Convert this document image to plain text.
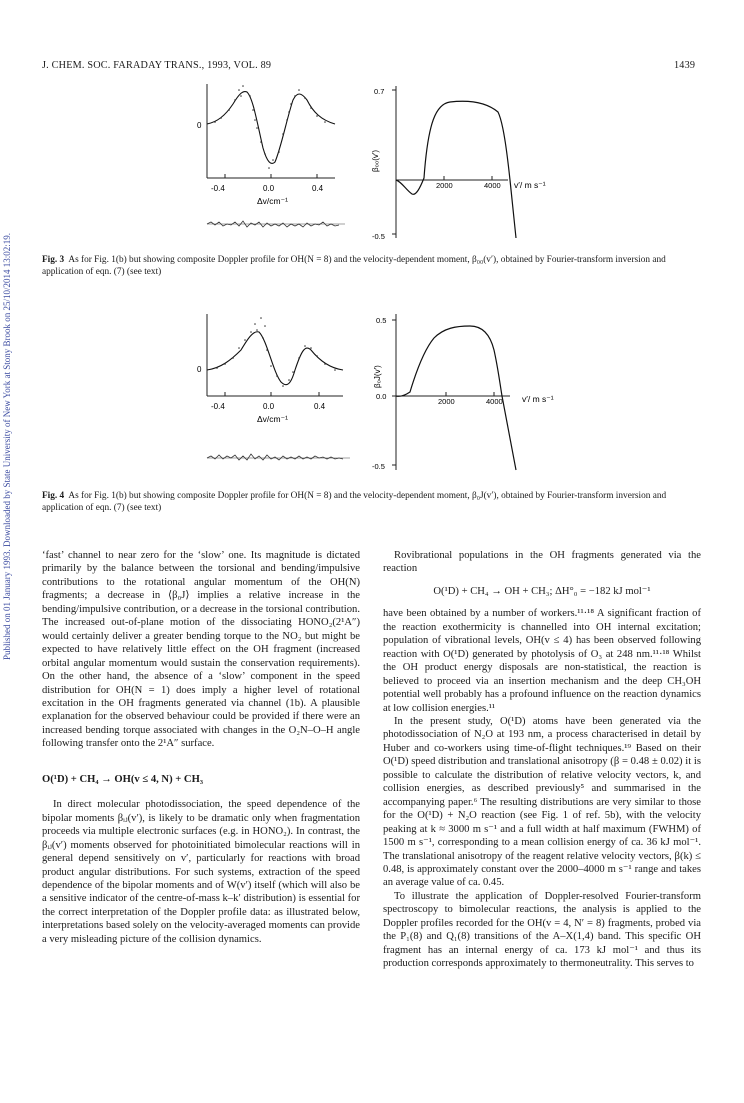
J. CHEM. SOC. FARADAY TRANS., 1993, VOL. 89	1439
Published on 01 January 1993. Downloaded by State University of New York at Stony Brook on 25/10/2014 13:02:19.
0
-0.4	0.0	0.4
Δv/cm⁻¹
0.7
-0.5
2000	4000 v′/ m s⁻¹
β₀₀(v′)
Fig. 3 As for Fig. 1(b) but showing composite Doppler profile for OH(N = 8) and the velocity-dependent moment, β₀₀(v′), obtained by Fourier-transform inversion and application of eqn. (7) (see text)
0
-0.4	0.0	0.4
Δv/cm⁻¹
0.5
0.0
-0.5
2000	4000 v′/ m s⁻¹
β₀J(v′)
Fig. 4 As for Fig. 1(b) but showing composite Doppler profile for OH(N = 8) and the velocity-dependent moment, β₀J(v′), obtained by Fourier-transform inversion and application of eqn. (7) (see text)

‘fast’ channel to near zero for the ‘slow’ one. Its magnitude is dictated primarily by the balance between the torsional and bending/impulsive contributions to the rotational angular momentum of the OH(N) fragments; a decrease in ⟨β₀J⟩ implies a relative increase in the bending/impulsive contribution, or a decrease in the torsional contribution. The increased out-of-plane motion of the dissociating HONO₂(2¹A″) would certainly deliver a greater bending torque to the NO₂ but might be expected to have relatively little effect on the OH fragment (increased orbital angular momentum would sustain the conservation requirements). On the other hand, the absence of a ‘slow’ component in the speed distribution for OH(N = 1) does imply a higher level of rotational excitation in the OH fragments generated via channel (1b). A plausible explanation for the observed behaviour could be provided if there were an increased bending torque associated with changes in the O₂N–O–H angle following transfer onto the 2¹A″ surface.

O(¹D) + CH₄ → OH(v ≤ 4, N) + CH₃

In direct molecular photodissociation, the speed dependence of the bipolar moments βᵢⱼ(v′), is likely to be dramatic only when fragmentation proceeds via multiple electronic surfaces (e.g. in HONO₂). In contrast, the βᵢⱼ(v′) moments observed for photoinitiated bimolecular reactions will in general depend sensitively on v′, particularly for reactions with broad product angular distributions. For such systems, extraction of the speed dependence of the bipolar moments and of W(v′) itself (which will also be a sensitive indicator of the centre-of-mass k–k′ distribution) is essential for the correct interpretation of the Doppler profile data: as illustrated below, interpretations based solely on the velocity-averaged moments can provide a very misleading picture of the collision dynamics.

Rovibrational populations in the OH fragments generated via the reaction

O(¹D) + CH₄ → OH + CH₃; ΔH°₀ = −182 kJ mol⁻¹

have been obtained by a number of workers.¹¹·¹⁸ A significant fraction of the reaction exothermicity is channelled into OH internal excitation; population of vibrational levels, OH(v ≤ 4) has been observed following reaction with O(¹D) generated by photolysis of O₃ at 248 nm.¹¹·¹⁸ Whilst the OH product energy disposals are non-statistical, the reaction is believed to proceed via an insertion mechanism and the deep CH₃OH potential well probably has a profound influence on the reaction dynamics at low collision energies.¹¹

In the present study, O(¹D) atoms have been generated via the photodissociation of N₂O at 193 nm, a process characterised in detail by Huber and co-workers using time-of-flight techniques.¹⁹ Based on their O(¹D) speed distribution and translational anisotropy (β = 0.48 ± 0.02) it is possible to calculate the distribution of relative velocity vectors, k, and collision energies, as described previously⁵ and summarised in the accompanying paper.⁶ The resulting distributions are very similar to those for the O(¹D) + N₂O reaction (see Fig. 1 of ref. 5b), with the velocity peaking at k ≈ 3000 m s⁻¹ and a full width at half maximum (FWHM) of 1500 m s⁻¹, corresponding to a mean collision energy of ca. 36 kJ mol⁻¹. The translational anisotropy of the reagent relative velocity vectors, β(k) ≤ 0.48, is approximately constant over the 2000–4000 m s⁻¹ range and takes an average value of ca. 0.45.

To illustrate the application of Doppler-resolved Fourier-transform spectroscopy to bimolecular reactions, the analysis is applied to the Doppler profiles recorded for the OH(v = 4, N′ = 8) fragments, probed via the P₁(8) and Q₁(8) transitions of the A–X(1,4) band. This specific OH fragment has an internal energy of ca. 173 kJ mol⁻¹ and thus its production corresponds approximately to thermoneutrality. This serves to
